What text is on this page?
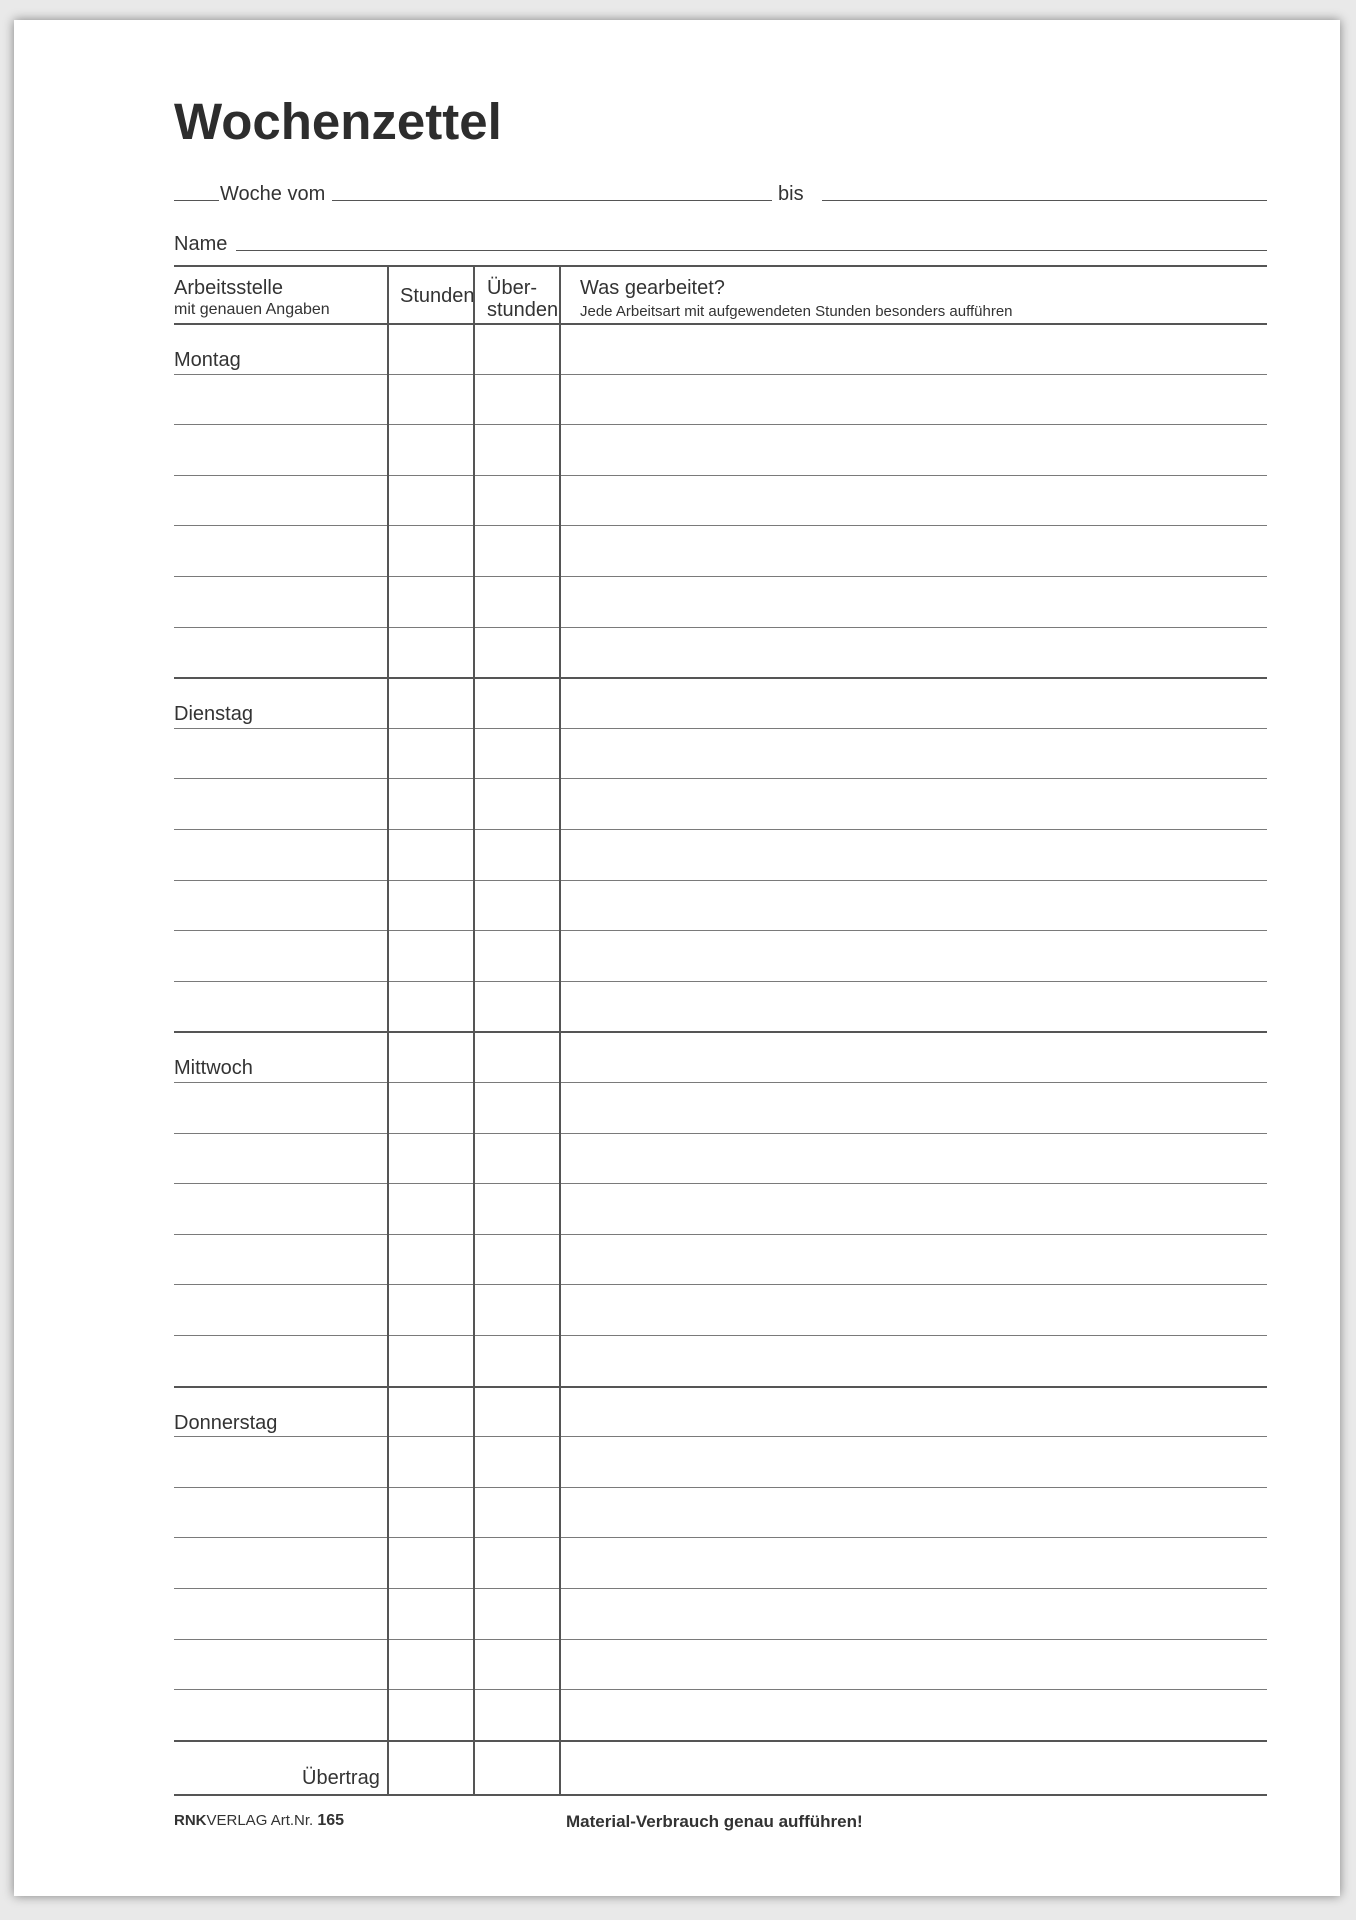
Wochenzettel
Woche vom	bis
Name
Arbeitsstelle
mit genauen Angaben
Stunden Über-
stunden
Was gearbeitet?
Jede Arbeitsart mit aufgewendeten Stunden besonders aufführen
Montag
Dienstag
Mittwoch
Donnerstag
Übertrag
RNKVERLAG Art.Nr. 165	Material-Verbrauch genau aufführen!
